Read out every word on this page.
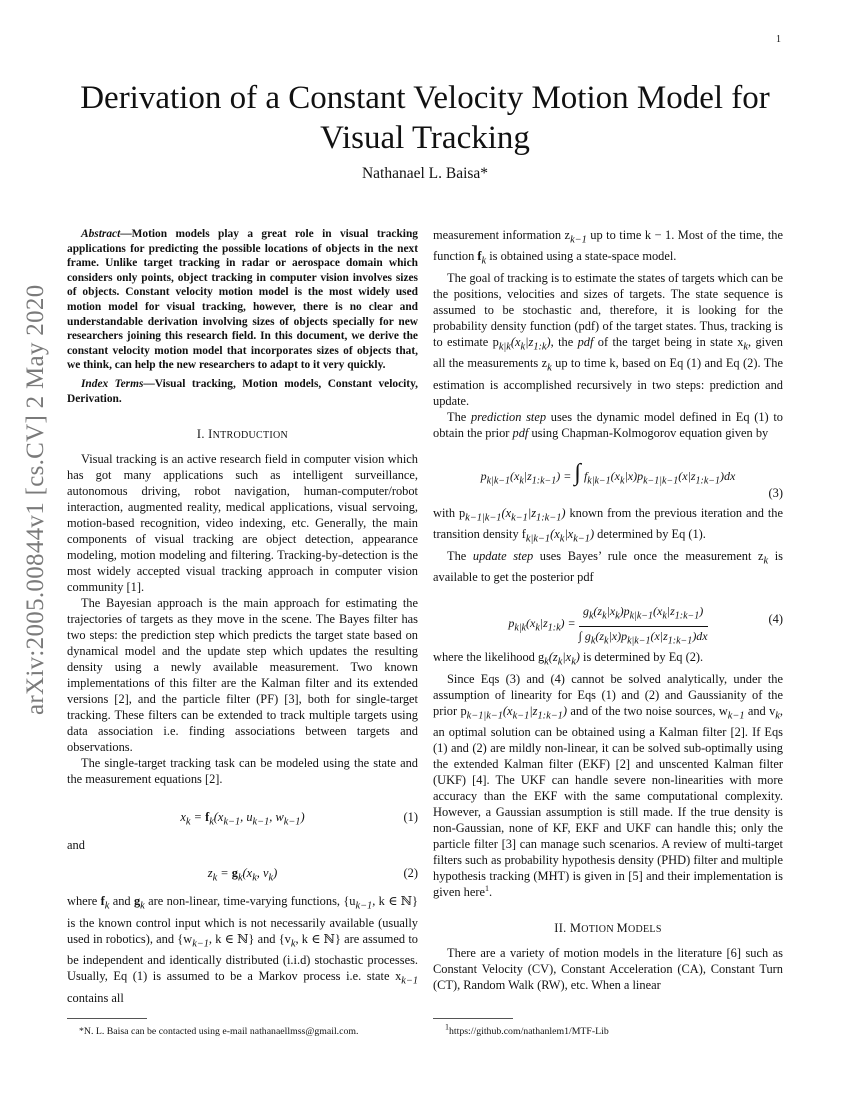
1
arXiv:2005.00844v1 [cs.CV] 2 May 2020
Derivation of a Constant Velocity Motion Model for Visual Tracking
Nathanael L. Baisa*
Abstract—Motion models play a great role in visual tracking applications for predicting the possible locations of objects in the next frame. Unlike target tracking in radar or aerospace domain which considers only points, object tracking in computer vision involves sizes of objects. Constant velocity motion model is the most widely used motion model for visual tracking, however, there is no clear and understandable derivation involving sizes of objects specially for new researchers joining this research field. In this document, we derive the constant velocity motion model that incorporates sizes of objects that, we think, can help the new researchers to adapt to it very quickly.
Index Terms—Visual tracking, Motion models, Constant velocity, Derivation.
I. INTRODUCTION

Visual tracking is an active research field in computer vision which has got many applications such as intelligent surveillance, autonomous driving, robot navigation, human-computer/robot interaction, augmented reality, medical applications, visual servoing, motion-based recognition, video indexing, etc. Generally, the main components of visual tracking are object detection, appearance modeling, motion modeling and filtering. Tracking-by-detection is the most widely accepted visual tracking approach in computer vision community [1].

The Bayesian approach is the main approach for estimating the trajectories of targets as they move in the scene. The Bayes filter has two steps: the prediction step which predicts the target state based on dynamical model and the update step which updates the resulting density using a newly available measurement. Two known implementations of this filter are the Kalman filter and its extended versions [2], and the particle filter (PF) [3], both for single-target tracking. These filters can be extended to track multiple targets using data association i.e. finding associations between targets and observations.

The single-target tracking task can be modeled using the state and the measurement equations [2].

$x_k = f_k(x_{k-1}$, $u_{k-1}$, $w_{k-1}$)	(1)

and

$z_k = g_k(x_k$, $v_k$)	(2)

where $f_k$ and $g_k$ are non-linear, time-varying functions, {$u_{k-1}$, k ∈ ℕ} is the known control input which is not necessarily available (usually used in robotics), and {$w_{k-1}$, k ∈ ℕ} and {$v_k$, k ∈ ℕ} are assumed to be independent and identically distributed (i.i.d) stochastic processes. Usually, Eq (1) is assumed to be a Markov process i.e. state $x_{k-1}$ contains all

measurement information $z_{k-1}$ up to time k − 1. Most of the time, the function $f_k$ is obtained using a state-space model.

The goal of tracking is to estimate the states of targets which can be the positions, velocities and sizes of targets. The state sequence is assumed to be stochastic and, therefore, it is looking for the probability density function (pdf) of the target states. Thus, tracking is to estimate $p_{k|k}(x_k|z_{1:k})$, the pdf of the target being in state $x_k$, given all the measurements $z_k$ up to time k, based on Eq (1) and Eq (2). The estimation is accomplished recursively in two steps: prediction and update.

The prediction step uses the dynamic model defined in Eq (1) to obtain the prior pdf using Chapman-Kolmogorov equation given by

$p_{k|k-1}(x_k|z_{1:k-1})$ = ∫ $f_{k|k-1}(x_k|x)p_{k-1|k-1}(x|z_{1:k-1})dx$
(3)

with $p_{k-1|k-1}(x_{k-1}|z_{1:k-1})$ known from the previous iteration and the transition density $f_{k|k-1}(x_k|x_{k-1})$ determined by Eq (1).

The update step uses Bayes’ rule once the measurement $z_k$ is available to get the posterior pdf

$p_{k|k}(x_k|z_{1:k}) = \frac{g_k(z_k|x_k)p_{k|k-1}(x_k|z_{1:k-1})}{\int g_k(z_k|x)p_{k|k-1}(x|z_{1:k-1})dx}$	(4)

where the likelihood $g_k(z_k|x_k)$ is determined by Eq (2).

Since Eqs (3) and (4) cannot be solved analytically, under the assumption of linearity for Eqs (1) and (2) and Gaussianity of the prior $p_{k-1|k-1}(x_{k-1}|z_{1:k-1})$ and of the two noise sources, $w_{k-1}$ and $v_k$, an optimal solution can be obtained using a Kalman filter [2]. If Eqs (1) and (2) are mildly non-linear, it can be solved sub-optimally using the extended Kalman filter (EKF) [2] and unscented Kalman filter (UKF) [4]. The UKF can handle severe non-linearities with more accuracy than the EKF with the same computational complexity. However, a Gaussian assumption is still made. If the true density is non-Gaussian, none of KF, EKF and UKF can handle this; only the particle filter [3] can manage such scenarios. A review of multi-target filters such as probability hypothesis density (PHD) filter and multiple hypothesis tracking (MHT) is given in [5] and their implementation is given here$^1$.

II. MOTION MODELS

There are a variety of motion models in the literature [6] such as Constant Velocity (CV), Constant Acceleration (CA), Constant Turn (CT), Random Walk (RW), etc. When a linear

*N. L. Baisa can be contacted using e-mail nathanaellmss@gmail.com.	$^1$https://github.com/nathanlem1/MTF-Lib
